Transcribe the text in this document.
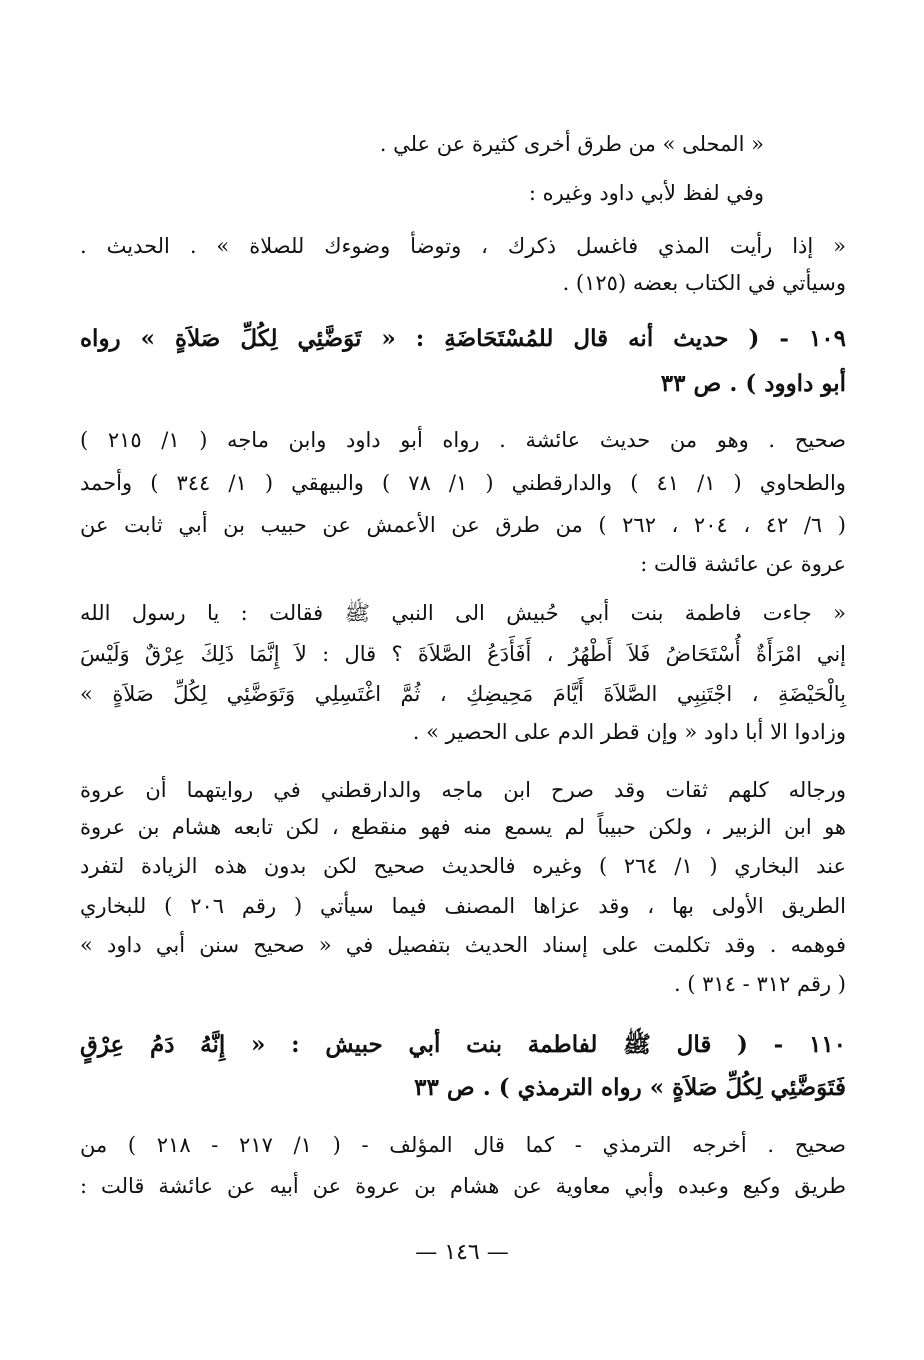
« المحلى » من طرق أخرى كثيرة عن علي .
وفي لفظ لأبي داود وغيره :
« إذا رأيت المذي فاغسل ذكرك ، وتوضأ وضوءك للصلاة » . الحديث .
وسيأتي في الكتاب بعضه (١٢٥) .
١٠٩ - ( حديث أنه قال للمُسْتَحَاضَةِ : « تَوَضَّئِي لِكُلِّ صَلاَةٍ » رواه
أبو داوود ) . ص ٣٣
صحيح . وهو من حديث عائشة . رواه أبو داود وابن ماجه ( ١/ ٢١٥ )
والطحاوي ( ١/ ٤١ ) والدارقطني ( ١/ ٧٨ ) والبيهقي ( ١/ ٣٤٤ ) وأحمد
( ٦/ ٤٢ ، ٢٠٤ ، ٢٦٢ ) من طرق عن الأعمش عن حبيب بن أبي ثابت عن
عروة عن عائشة قالت :
« جاءت فاطمة بنت أبي حُبيش الى النبي ﷺ فقالت : يا رسول الله
إني امْرَأَةٌ أُسْتَحَاضُ فَلاَ أَطْهُرُ ، أَفَأَدَعُ الصَّلاَةَ ؟ قال : لاَ إِنَّمَا ذَلِكَ عِرْقٌ وَلَيْسَ
بِالْحَيْضَةِ ، اجْتَنِبِي الصَّلاَةَ أَيَّامَ مَحِيضِكِ ، ثُمَّ اغْتَسِلِي وَتَوَضَّئِي لِكُلِّ صَلاَةٍ »
وزادوا الا أبا داود « وإن قطر الدم على الحصير » .
ورجاله كلهم ثقات وقد صرح ابن ماجه والدارقطني في روايتهما أن عروة
هو ابن الزبير ، ولكن حبيباً لم يسمع منه فهو منقطع ، لكن تابعه هشام بن عروة
عند البخاري ( ١/ ٢٦٤ ) وغيره فالحديث صحيح لكن بدون هذه الزيادة لتفرد
الطريق الأولى بها ، وقد عزاها المصنف فيما سيأتي ( رقم ٢٠٦ ) للبخاري
فوهمه . وقد تكلمت على إسناد الحديث بتفصيل في « صحيح سنن أبي داود »
( رقم ٣١٢ - ٣١٤ ) .
١١٠ - ( قال ﷺ لفاطمة بنت أبي حبيش : « إِنَّهُ دَمُ عِرْقٍ
فَتَوَضَّئِي لِكُلِّ صَلاَةٍ » رواه الترمذي ) . ص ٣٣
صحيح . أخرجه الترمذي - كما قال المؤلف - ( ١/ ٢١٧ - ٢١٨ ) من
طريق وكيع وعبده وأبي معاوية عن هشام بن عروة عن أبيه عن عائشة قالت :
— ١٤٦ —
